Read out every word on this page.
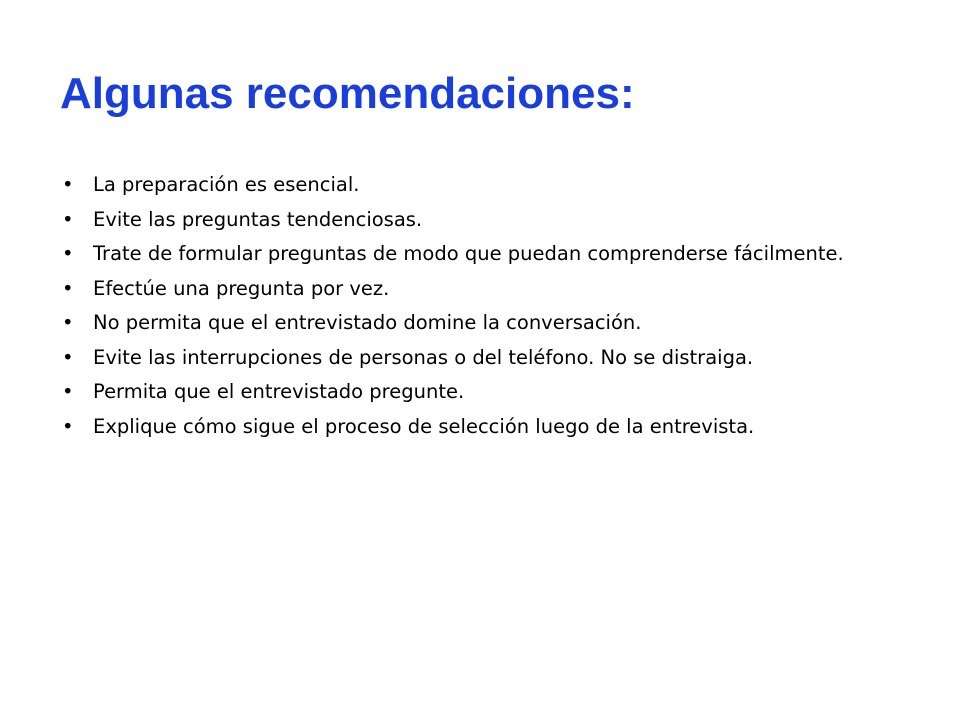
Algunas recomendaciones:
• La preparación es esencial.
• Evite las preguntas tendenciosas.
• Trate de formular preguntas de modo que puedan comprenderse fácilmente.
• Efectúe una pregunta por vez.
• No permita que el entrevistado domine la conversación.
• Evite las interrupciones de personas o del teléfono. No se distraiga.
• Permita que el entrevistado pregunte.
• Explique cómo sigue el proceso de selección luego de la entrevista.
